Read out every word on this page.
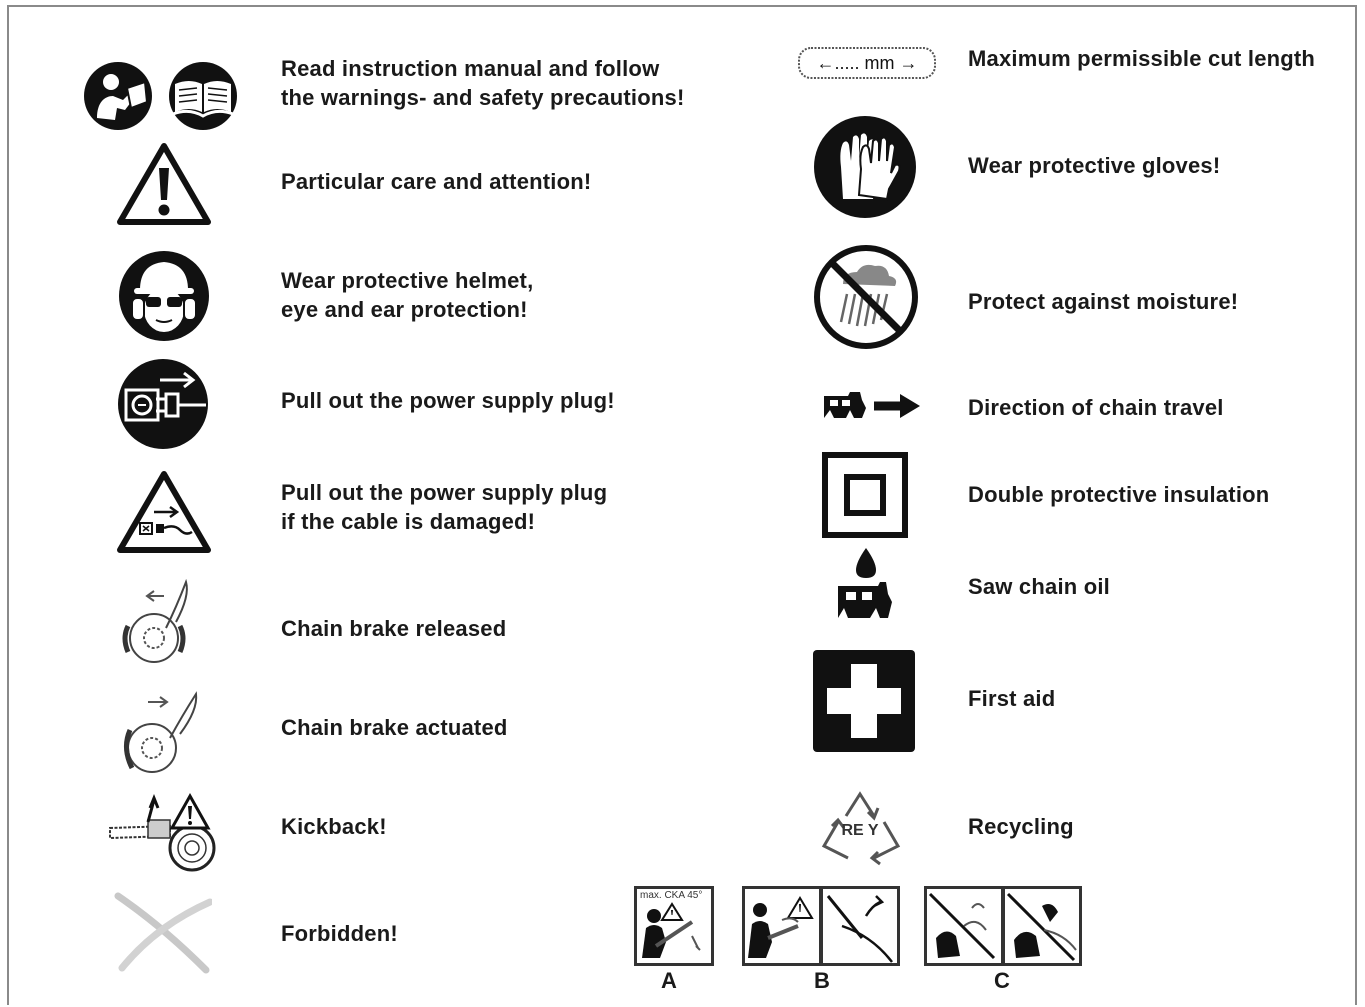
Read instruction manual and follow
the warnings- and safety precautions!
Particular care and attention!
Wear protective helmet,
eye and ear protection!
Pull out the power supply plug!
Pull out the power supply plug
if the cable is damaged!
Chain brake released
Chain brake actuated
Kickback!
Forbidden!
←..... mm →
RE Y
Maximum permissible cut length
Wear protective gloves!
Protect against moisture!
Direction of chain travel
Double protective insulation
Saw chain oil
First aid
Recycling
max. CKA 45°
A	B	C
